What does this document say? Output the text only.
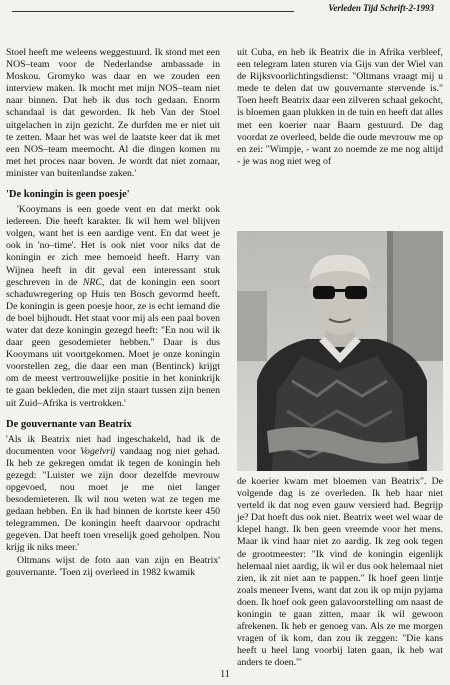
Verleden Tijd Schrift-2-1993

Stoel heeft me weleens weggestuurd. Ik stond met een NOS–team voor de Nederlandse ambassade in Moskou. Gromyko was daar en we zouden een interview maken. Ik mocht met mijn NOS–team niet naar binnen. Dat heb ik dus toch gedaan. Enorm schandaal is dat geworden. Ik heb Van der Stoel uitgelachen in zijn gezicht. Ze durfden me er niet uit te zetten. Maar het was wel de laatste keer dat ik met een NOS–team meemocht. Al die dingen komen nu met het proces naar boven. Je wordt dat niet zomaar, minister van buitenlandse zaken.'

'De koningin is geen poesje'

'Kooymans is een goede vent en dat merkt ook iedereen. Die heeft karakter. Ik wil hem wel blijven volgen, want het is een aardige vent. En dat weet je ook in 'no–time'. Het is ook niet voor niks dat de koningin er zich mee bemoeid heeft. Harry van Wijnea heeft in dit geval een interessant stuk geschreven in de NRC, dat de koningin een soort schaduwregering op Huis ten Bosch gevormd heeft. De koningin is geen poesje hoor, ze is echt iemand die de boel bijhoudt. Het staat voor mij als een paal boven water dat deze koningin gezegd heeft: "En nou wil ik daar geen gesodemieter hebben." Daar is dus Kooymans uit voortgekomen. Moet je onze koningin voorstellen zeg, die daar een man (Bentinck) krijgt om de meest vertrouwelijke positie in het koninkrijk te gaan bekleden, die met zijn staart tussen zijn benen uit Zuid–Afrika is vertrokken.'

De gouvernante van Beatrix

'Als ik Beatrix niet had ingeschakeld, had ik de documenten voor Vogelvrij vandaag nog niet gehad. Ik heb ze gekregen omdat ik tegen de koningin heb gezegd: "Luister we zijn door dezelfde mevrouw opgevoed, nou moet je me niet langer besodemieteren. Ik wil nou weten wat ze tegen me gedaan hebben. En ik had binnen de kortste keer 450 telegrammen. De koningin heeft daarvoor opdracht gegeven. Dat heeft toen vreselijk goed geholpen. Nou krijg ik niks meer.'

Oltmans wijst de foto aan van zijn en Beatrix' gouvernante. 'Toen zij overleed in 1982 kwamik

uit Cuba, en heb ik Beatrix die in Afrika verbleef, een telegram laten sturen via Gijs van der Wiel van de Rijksvoorlichtingsdienst: "Oltmans vraagt mij u mede te delen dat uw gouvernante stervende is." Toen heeft Beatrix daar een zilveren schaal gekocht, is bloemen gaan plukken in de tuin en heeft dat alles met een koerier naar Baarn gestuurd. De dag voordat ze overleed, belde die oude mevrouw me op en zei: "Wimpje, - want zo noemde ze me nog altijd - je was nog niet weg of

de koerier kwam met bloemen van Beatrix". De volgende dag is ze overleden. Ik heb haar niet verteld ik dat nog even gauw versierd had. Begrijp je? Dat hoeft dus ook niet. Beatrix weet wel waar de klepel hangt. Ik ben geen vreemde voor het mens. Maar ik vind haar niet zo aardig. Ik zeg ook tegen de grootmeester: "Ik vind de koningin eigenlijk helemaal niet aardig, ik wil er dus ook helemaal niet zien, ik zit niet aan te pappen." Ik hoef geen lintje zoals meneer Ivens, want dat zou ik op mijn pyjama doen. Ik hoef ook geen galavoorstelling om naast de koningin te gaan zitten, maar ik wil gewoon afrekenen. Ik heb er genoeg van. Als ze me morgen vragen of ik kom, dan zou ik zeggen: "Die kans heeft u heel lang voorbij laten gaan, ik heb wat anders te doen."'

11
